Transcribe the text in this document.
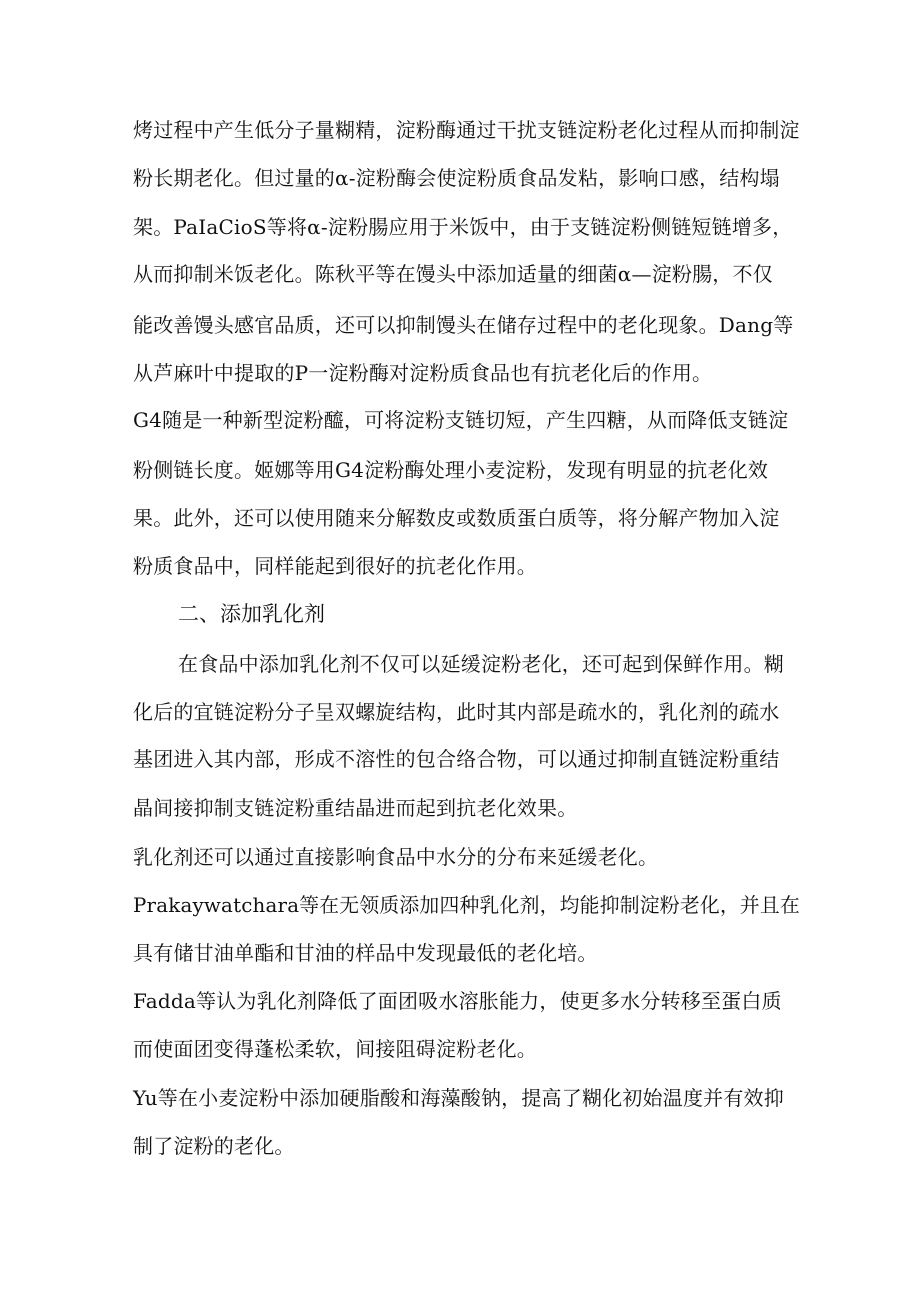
烤过程中产生低分子量糊精，淀粉酶通过干扰支链淀粉老化过程从而抑制淀
粉长期老化。但过量的α-淀粉酶会使淀粉质食品发粘，影响口感，结构塌
架。PaIaCioS等将α-淀粉腸应用于米饭中，由于支链淀粉侧链短链增多，
从而抑制米饭老化。陈秋平等在馒头中添加适量的细菌α—淀粉腸，不仅
能改善馒头感官品质，还可以抑制馒头在储存过程中的老化现象。Dang等
从芦麻叶中提取的P一淀粉酶对淀粉质食品也有抗老化后的作用。
G4随是一种新型淀粉醯，可将淀粉支链切短，产生四糖，从而降低支链淀
粉侧链长度。姬娜等用G4淀粉酶处理小麦淀粉，发现有明显的抗老化效
果。此外，还可以使用随来分解数皮或数质蛋白质等，将分解产物加入淀
粉质食品中，同样能起到很好的抗老化作用。
二、添加乳化剂
在食品中添加乳化剂不仅可以延缓淀粉老化，还可起到保鲜作用。糊
化后的宜链淀粉分子呈双螺旋结构，此时其内部是疏水的，乳化剂的疏水
基团进入其内部，形成不溶性的包合络合物，可以通过抑制直链淀粉重结
晶间接抑制支链淀粉重结晶进而起到抗老化效果。
乳化剂还可以通过直接影响食品中水分的分布来延缓老化。
Prakaywatchara等在无领质添加四种乳化剂，均能抑制淀粉老化，并且在
具有储甘油单酯和甘油的样品中发现最低的老化培。
Fadda等认为乳化剂降低了面团吸水溶胀能力，使更多水分转移至蛋白质
而使面团变得蓬松柔软，间接阻碍淀粉老化。
Yu等在小麦淀粉中添加硬脂酸和海藻酸钠，提高了糊化初始温度并有效抑
制了淀粉的老化。
